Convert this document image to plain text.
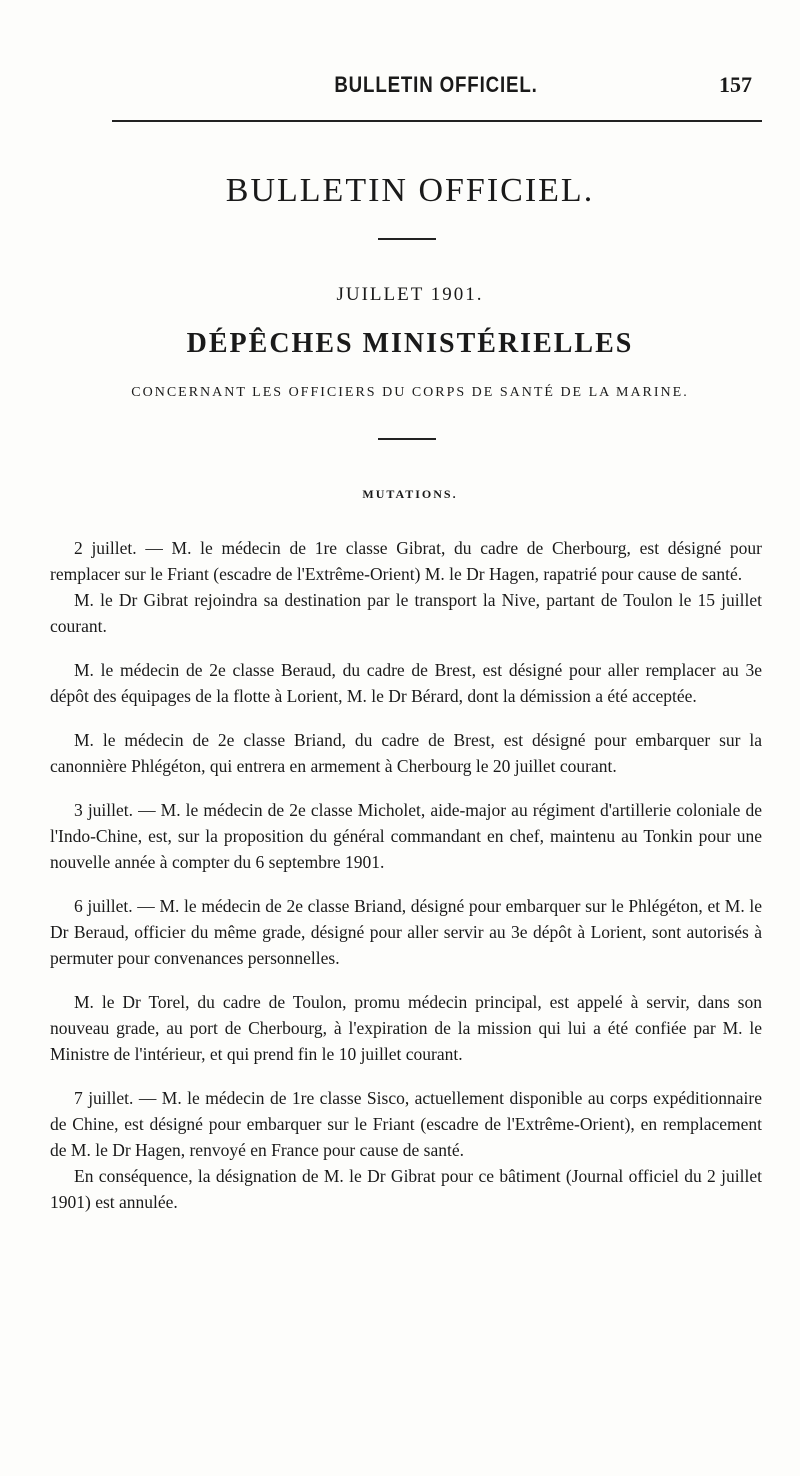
BULLETIN OFFICIEL.	157
BULLETIN OFFICIEL.
JUILLET 1901.
DÉPÊCHES MINISTÉRIELLES
CONCERNANT LES OFFICIERS DU CORPS DE SANTÉ DE LA MARINE.
MUTATIONS.

2 juillet. — M. le médecin de 1re classe Gibrat, du cadre de Cherbourg, est désigné pour remplacer sur le Friant (escadre de l'Extrême-Orient) M. le Dr Hagen, rapatrié pour cause de santé.

M. le Dr Gibrat rejoindra sa destination par le transport la Nive, partant de Toulon le 15 juillet courant.

M. le médecin de 2e classe Beraud, du cadre de Brest, est désigné pour aller remplacer au 3e dépôt des équipages de la flotte à Lorient, M. le Dr Bérard, dont la démission a été acceptée.

M. le médecin de 2e classe Briand, du cadre de Brest, est désigné pour embarquer sur la canonnière Phlégéton, qui entrera en armement à Cherbourg le 20 juillet courant.

3 juillet. — M. le médecin de 2e classe Micholet, aide-major au régiment d'artillerie coloniale de l'Indo-Chine, est, sur la proposition du général commandant en chef, maintenu au Tonkin pour une nouvelle année à compter du 6 septembre 1901.

6 juillet. — M. le médecin de 2e classe Briand, désigné pour embarquer sur le Phlégéton, et M. le Dr Beraud, officier du même grade, désigné pour aller servir au 3e dépôt à Lorient, sont autorisés à permuter pour convenances personnelles.

M. le Dr Torel, du cadre de Toulon, promu médecin principal, est appelé à servir, dans son nouveau grade, au port de Cherbourg, à l'expiration de la mission qui lui a été confiée par M. le Ministre de l'intérieur, et qui prend fin le 10 juillet courant.

7 juillet. — M. le médecin de 1re classe Sisco, actuellement disponible au corps expéditionnaire de Chine, est désigné pour embarquer sur le Friant (escadre de l'Extrême-Orient), en remplacement de M. le Dr Hagen, renvoyé en France pour cause de santé.

En conséquence, la désignation de M. le Dr Gibrat pour ce bâtiment (Journal officiel du 2 juillet 1901) est annulée.
